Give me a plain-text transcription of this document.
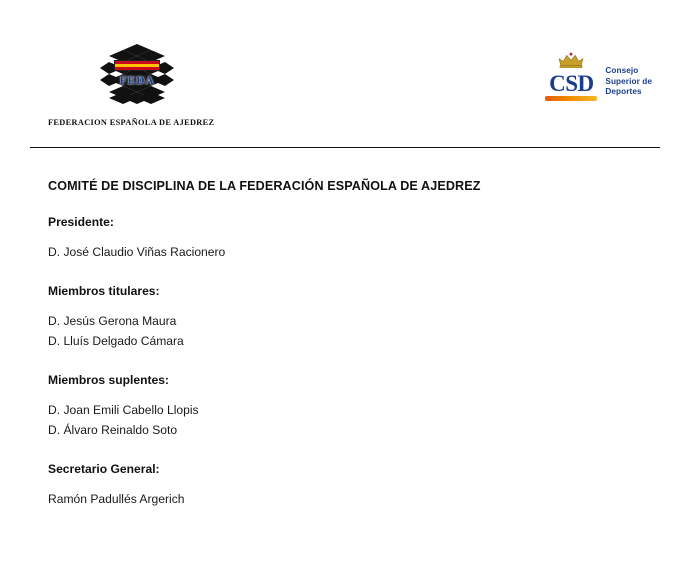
FEDA
FEDERACION ESPAÑOLA DE AJEDREZ
CSD
Consejo
Superior de
Deportes
COMITÉ DE DISCIPLINA DE LA FEDERACIÓN ESPAÑOLA DE AJEDREZ
Presidente:
D. José Claudio Viñas Racionero
Miembros titulares:
D. Jesús Gerona Maura
D. Lluís Delgado Cámara
Miembros suplentes:
D. Joan Emili Cabello Llopis
D. Álvaro Reinaldo Soto
Secretario General:
Ramón Padullés Argerich
